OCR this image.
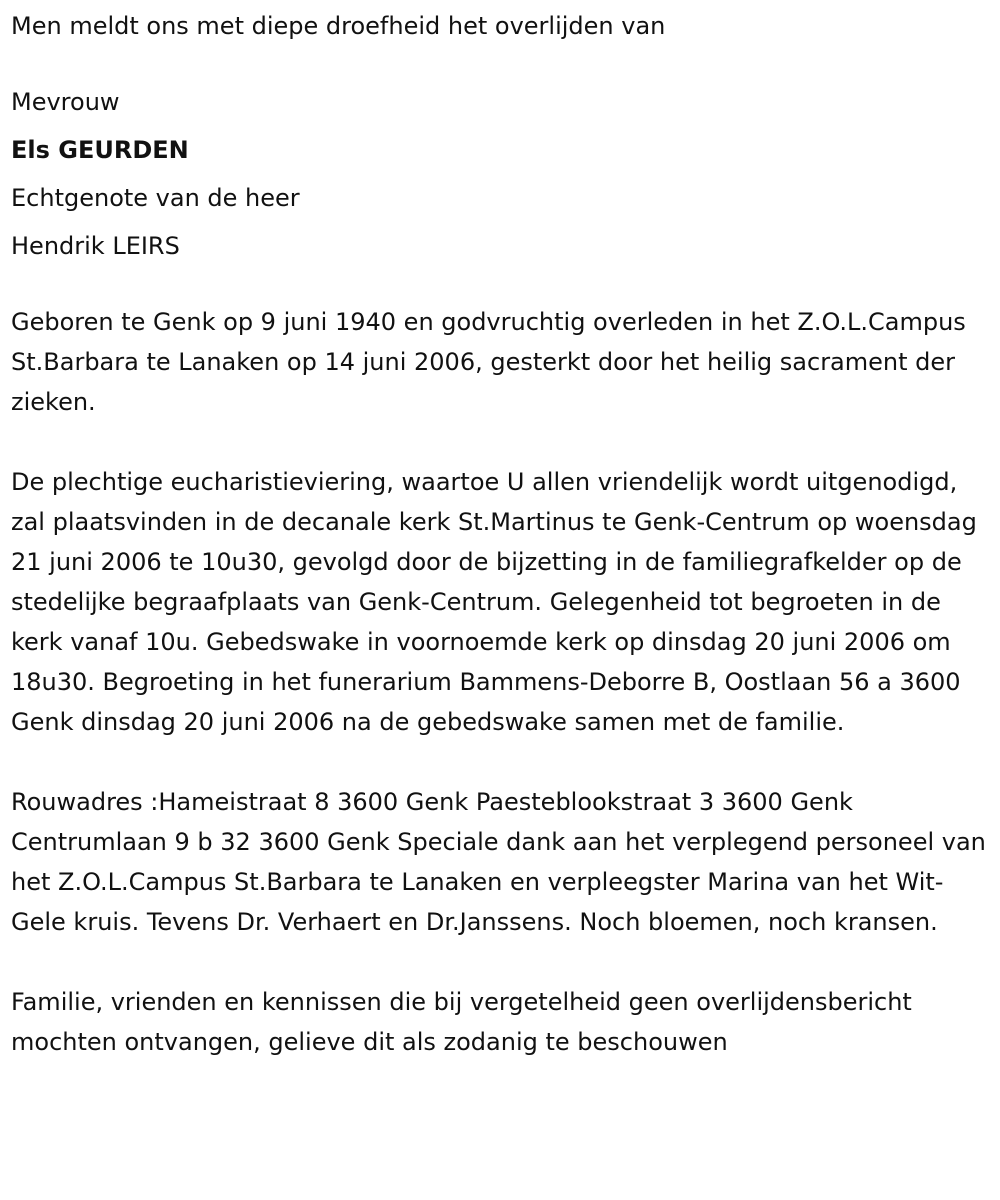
Men meldt ons met diepe droefheid het overlijden van

Mevrouw

Els GEURDEN

Echtgenote van de heer

Hendrik LEIRS

Geboren te Genk op 9 juni 1940 en godvruchtig overleden in het Z.O.L.Campus St.Barbara te Lanaken op 14 juni 2006, gesterkt door het heilig sacrament der zieken.

De plechtige eucharistieviering, waartoe U allen vriendelijk wordt uitgenodigd, zal plaatsvinden in de decanale kerk St.Martinus te Genk-Centrum op woensdag 21 juni 2006 te 10u30, gevolgd door de bijzetting in de familiegrafkelder op de stedelijke begraafplaats van Genk-Centrum. Gelegenheid tot begroeten in de kerk vanaf 10u. Gebedswake in voornoemde kerk op dinsdag 20 juni 2006 om 18u30. Begroeting in het funerarium Bammens-Deborre B, Oostlaan 56 a 3600 Genk dinsdag 20 juni 2006 na de gebedswake samen met de familie.

Rouwadres :Hameistraat 8 3600 Genk Paesteblookstraat 3 3600 Genk Centrumlaan 9 b 32 3600 Genk Speciale dank aan het verplegend personeel van het Z.O.L.Campus St.Barbara te Lanaken en verpleegster Marina van het Wit-Gele kruis. Tevens Dr. Verhaert en Dr.Janssens. Noch bloemen, noch kransen.

Familie, vrienden en kennissen die bij vergetelheid geen overlijdensbericht mochten ontvangen, gelieve dit als zodanig te beschouwen
